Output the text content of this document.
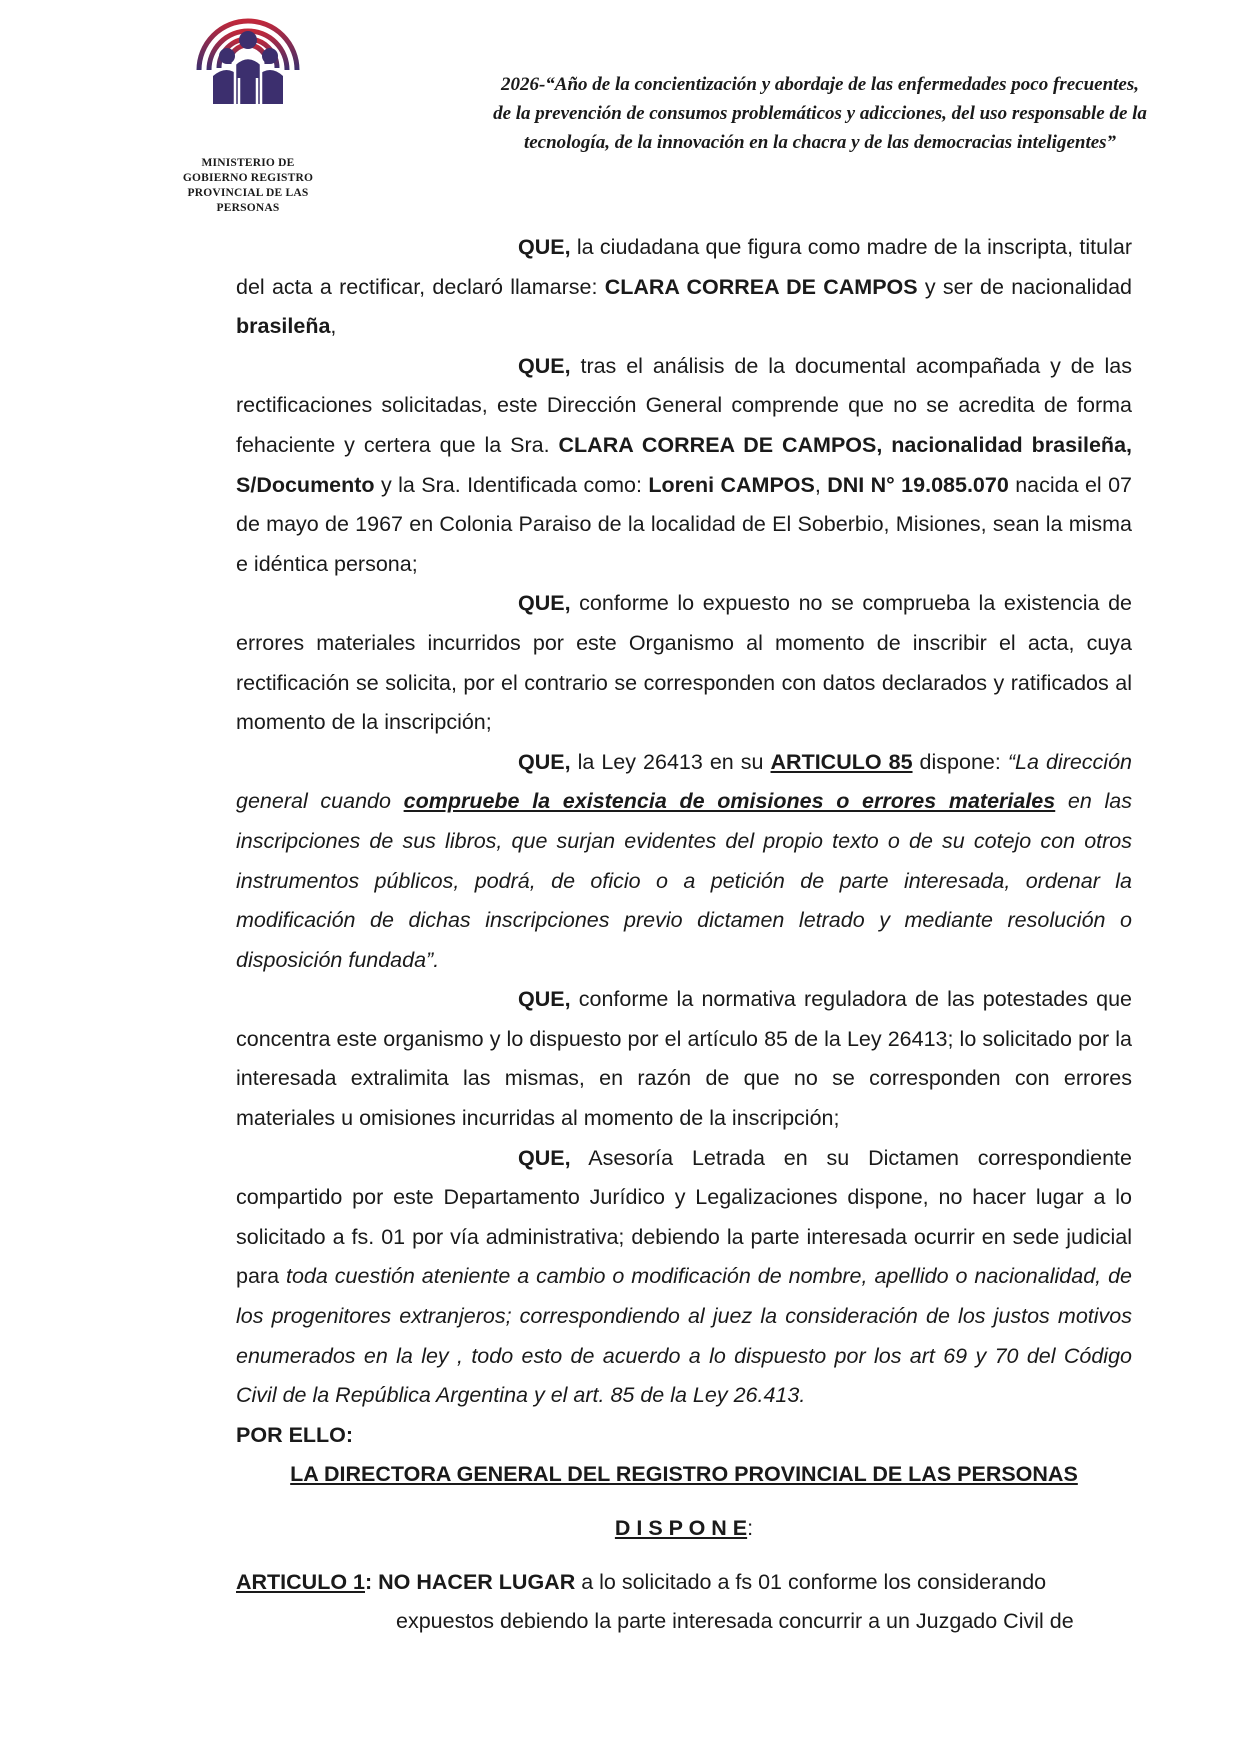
MINISTERIO DE
GOBIERNO REGISTRO
PROVINCIAL DE LAS
PERSONAS
2026-“Año de la concientización y abordaje de las enfermedades poco frecuentes,
de la prevención de consumos problemáticos y adicciones, del uso responsable de la
tecnología, de la innovación en la chacra y de las democracias inteligentes”

QUE, la ciudadana que figura como madre de la inscripta, titular del acta a rectificar, declaró llamarse: CLARA CORREA DE CAMPOS y ser de nacionalidad brasileña,

QUE, tras el análisis de la documental acompañada y de las rectificaciones solicitadas, este Dirección General comprende que no se acredita de forma fehaciente y certera que la Sra. CLARA CORREA DE CAMPOS, nacionalidad brasileña, S/Documento y la Sra. Identificada como: Loreni CAMPOS, DNI N° 19.085.070 nacida el 07 de mayo de 1967 en Colonia Paraiso de la localidad de El Soberbio, Misiones, sean la misma e idéntica persona;

QUE, conforme lo expuesto no se comprueba la existencia de errores materiales incurridos por este Organismo al momento de inscribir el acta, cuya rectificación se solicita, por el contrario se corresponden con datos declarados y ratificados al momento de la inscripción;

QUE, la Ley 26413 en su ARTICULO 85 dispone: “La dirección general cuando compruebe la existencia de omisiones o errores materiales en las inscripciones de sus libros, que surjan evidentes del propio texto o de su cotejo con otros instrumentos públicos, podrá, de oficio o a petición de parte interesada, ordenar la modificación de dichas inscripciones previo dictamen letrado y mediante resolución o disposición fundada”.

QUE, conforme la normativa reguladora de las potestades que concentra este organismo y lo dispuesto por el artículo 85 de la Ley 26413; lo solicitado por la interesada extralimita las mismas, en razón de que no se corresponden con errores materiales u omisiones incurridas al momento de la inscripción;

QUE, Asesoría Letrada en su Dictamen correspondiente compartido por este Departamento Jurídico y Legalizaciones dispone, no hacer lugar a lo solicitado a fs. 01 por vía administrativa; debiendo la parte interesada ocurrir en sede judicial para toda cuestión ateniente a cambio o modificación de nombre, apellido o nacionalidad, de los progenitores extranjeros; correspondiendo al juez la consideración de los justos motivos enumerados en la ley , todo esto de acuerdo a lo dispuesto por los art 69 y 70 del Código Civil de la República Argentina y el art. 85 de la Ley 26.413.

POR ELLO:

LA DIRECTORA GENERAL DEL REGISTRO PROVINCIAL DE LAS PERSONAS

D I S P O N E:

ARTICULO 1: NO HACER LUGAR a lo solicitado a fs 01 conforme los considerando

expuestos debiendo la parte interesada concurrir a un Juzgado Civil de
